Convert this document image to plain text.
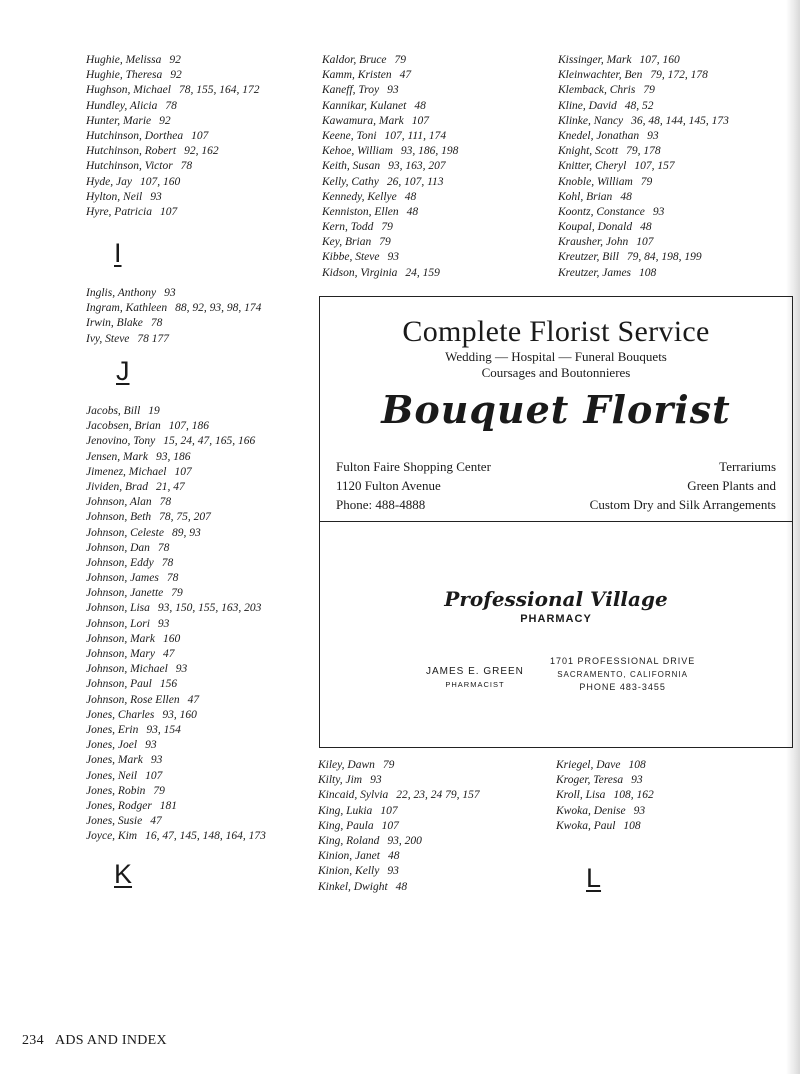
Hughie, Melissa 92
Hughie, Theresa 92
Hughson, Michael 78, 155, 164, 172
Hundley, Alicia 78
Hunter, Marie 92
Hutchinson, Dorthea 107
Hutchinson, Robert 92, 162
Hutchinson, Victor 78
Hyde, Jay 107, 160
Hylton, Neil 93
Hyre, Patricia 107
I
Inglis, Anthony 93
Ingram, Kathleen 88, 92, 93, 98, 174
Irwin, Blake 78
Ivy, Steve 78 177
J
Jacobs, Bill 19
Jacobsen, Brian 107, 186
Jenovino, Tony 15, 24, 47, 165, 166
Jensen, Mark 93, 186
Jimenez, Michael 107
Jividen, Brad 21, 47
Johnson, Alan 78
Johnson, Beth 78, 75, 207
Johnson, Celeste 89, 93
Johnson, Dan 78
Johnson, Eddy 78
Johnson, James 78
Johnson, Janette 79
Johnson, Lisa 93, 150, 155, 163, 203
Johnson, Lori 93
Johnson, Mark 160
Johnson, Mary 47
Johnson, Michael 93
Johnson, Paul 156
Johnson, Rose Ellen 47
Jones, Charles 93, 160
Jones, Erin 93, 154
Jones, Joel 93
Jones, Mark 93
Jones, Neil 107
Jones, Robin 79
Jones, Rodger 181
Jones, Susie 47
Joyce, Kim 16, 47, 145, 148, 164, 173
K
Kaldor, Bruce 79
Kamm, Kristen 47
Kaneff, Troy 93
Kannikar, Kulanet 48
Kawamura, Mark 107
Keene, Toni 107, 111, 174
Kehoe, William 93, 186, 198
Keith, Susan 93, 163, 207
Kelly, Cathy 26, 107, 113
Kennedy, Kellye 48
Kenniston, Ellen 48
Kern, Todd 79
Key, Brian 79
Kibbe, Steve 93
Kidson, Virginia 24, 159
Kissinger, Mark 107, 160
Kleinwachter, Ben 79, 172, 178
Klemback, Chris 79
Kline, David 48, 52
Klinke, Nancy 36, 48, 144, 145, 173
Knedel, Jonathan 93
Knight, Scott 79, 178
Knitter, Cheryl 107, 157
Knoble, William 79
Kohl, Brian 48
Koontz, Constance 93
Koupal, Donald 48
Krausher, John 107
Kreutzer, Bill 79, 84, 198, 199
Kreutzer, James 108
Complete Florist Service
Wedding — Hospital — Funeral Bouquets
Coursages and Boutonnieres
Bouquet Florist
Fulton Faire Shopping Center
1120 Fulton Avenue
Phone: 488-4888
Terrariums
Green Plants and
Custom Dry and Silk Arrangements
Professional Village
PHARMACY
JAMES E. GREEN
PHARMACIST
1701 PROFESSIONAL DRIVE
SACRAMENTO, CALIFORNIA
PHONE 483-3455
Kiley, Dawn 79
Kilty, Jim 93
Kincaid, Sylvia 22, 23, 24 79, 157
King, Lukia 107
King, Paula 107
King, Roland 93, 200
Kinion, Janet 48
Kinion, Kelly 93
Kinkel, Dwight 48
Kriegel, Dave 108
Kroger, Teresa 93
Kroll, Lisa 108, 162
Kwoka, Denise 93
Kwoka, Paul 108
L
234 ADS AND INDEX
